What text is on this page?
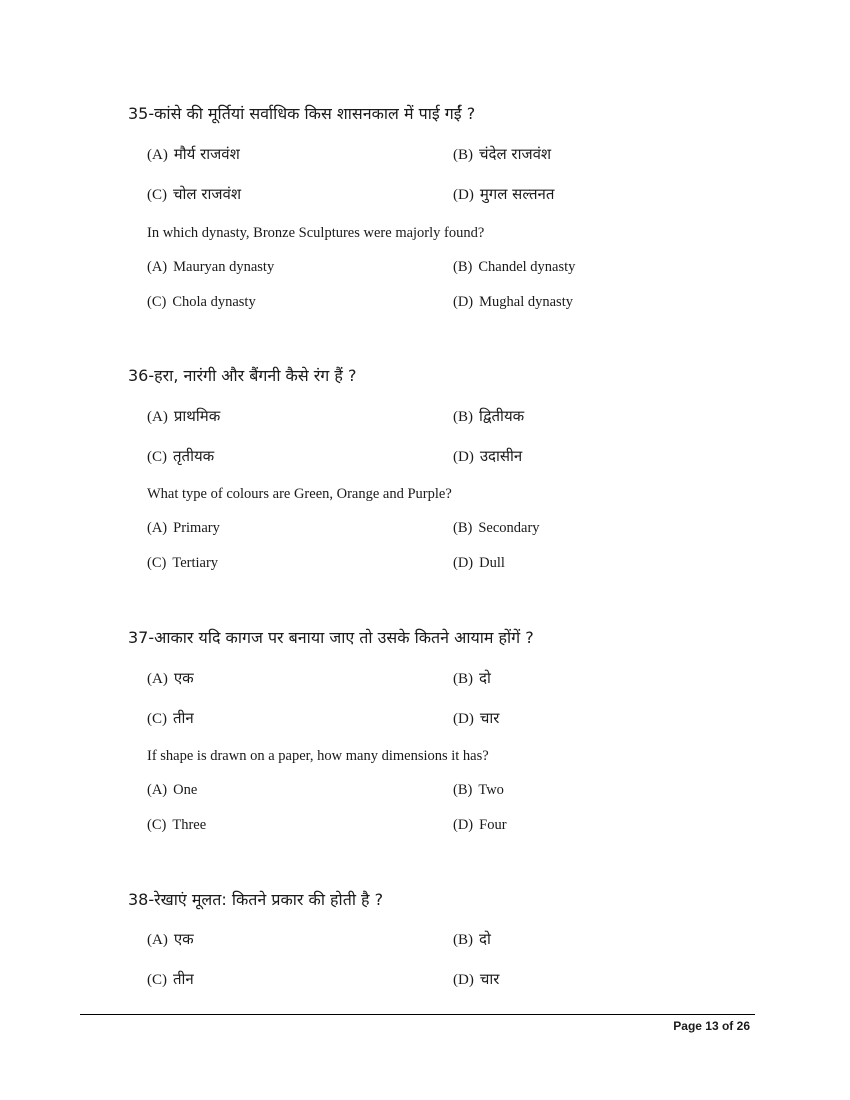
35-कांसे की मूर्तियां सर्वाधिक किस शासनकाल में पाई गईं ?
(A) मौर्य राजवंश	(B) चंदेल राजवंश
(C) चोल राजवंश	(D) मुगल सल्तनत
In which dynasty, Bronze Sculptures were majorly found?
(A) Mauryan dynasty	(B) Chandel dynasty
(C) Chola dynasty	(D) Mughal dynasty
36-हरा, नारंगी और बैंगनी कैसे रंग हैं ?
(A) प्राथमिक	(B) द्वितीयक
(C) तृतीयक	(D) उदासीन
What type of colours are Green, Orange and Purple?
(A) Primary	(B) Secondary
(C) Tertiary	(D) Dull
37-आकार यदि कागज पर बनाया जाए तो उसके कितने आयाम होंगें ?
(A) एक	(B) दो
(C) तीन	(D) चार
If shape is drawn on a paper, how many dimensions it has?
(A) One	(B) Two
(C) Three	(D) Four
38-रेखाएं मूलत: कितने प्रकार की होती है ?
(A) एक	(B) दो
(C) तीन	(D) चार
Page 13 of 26
